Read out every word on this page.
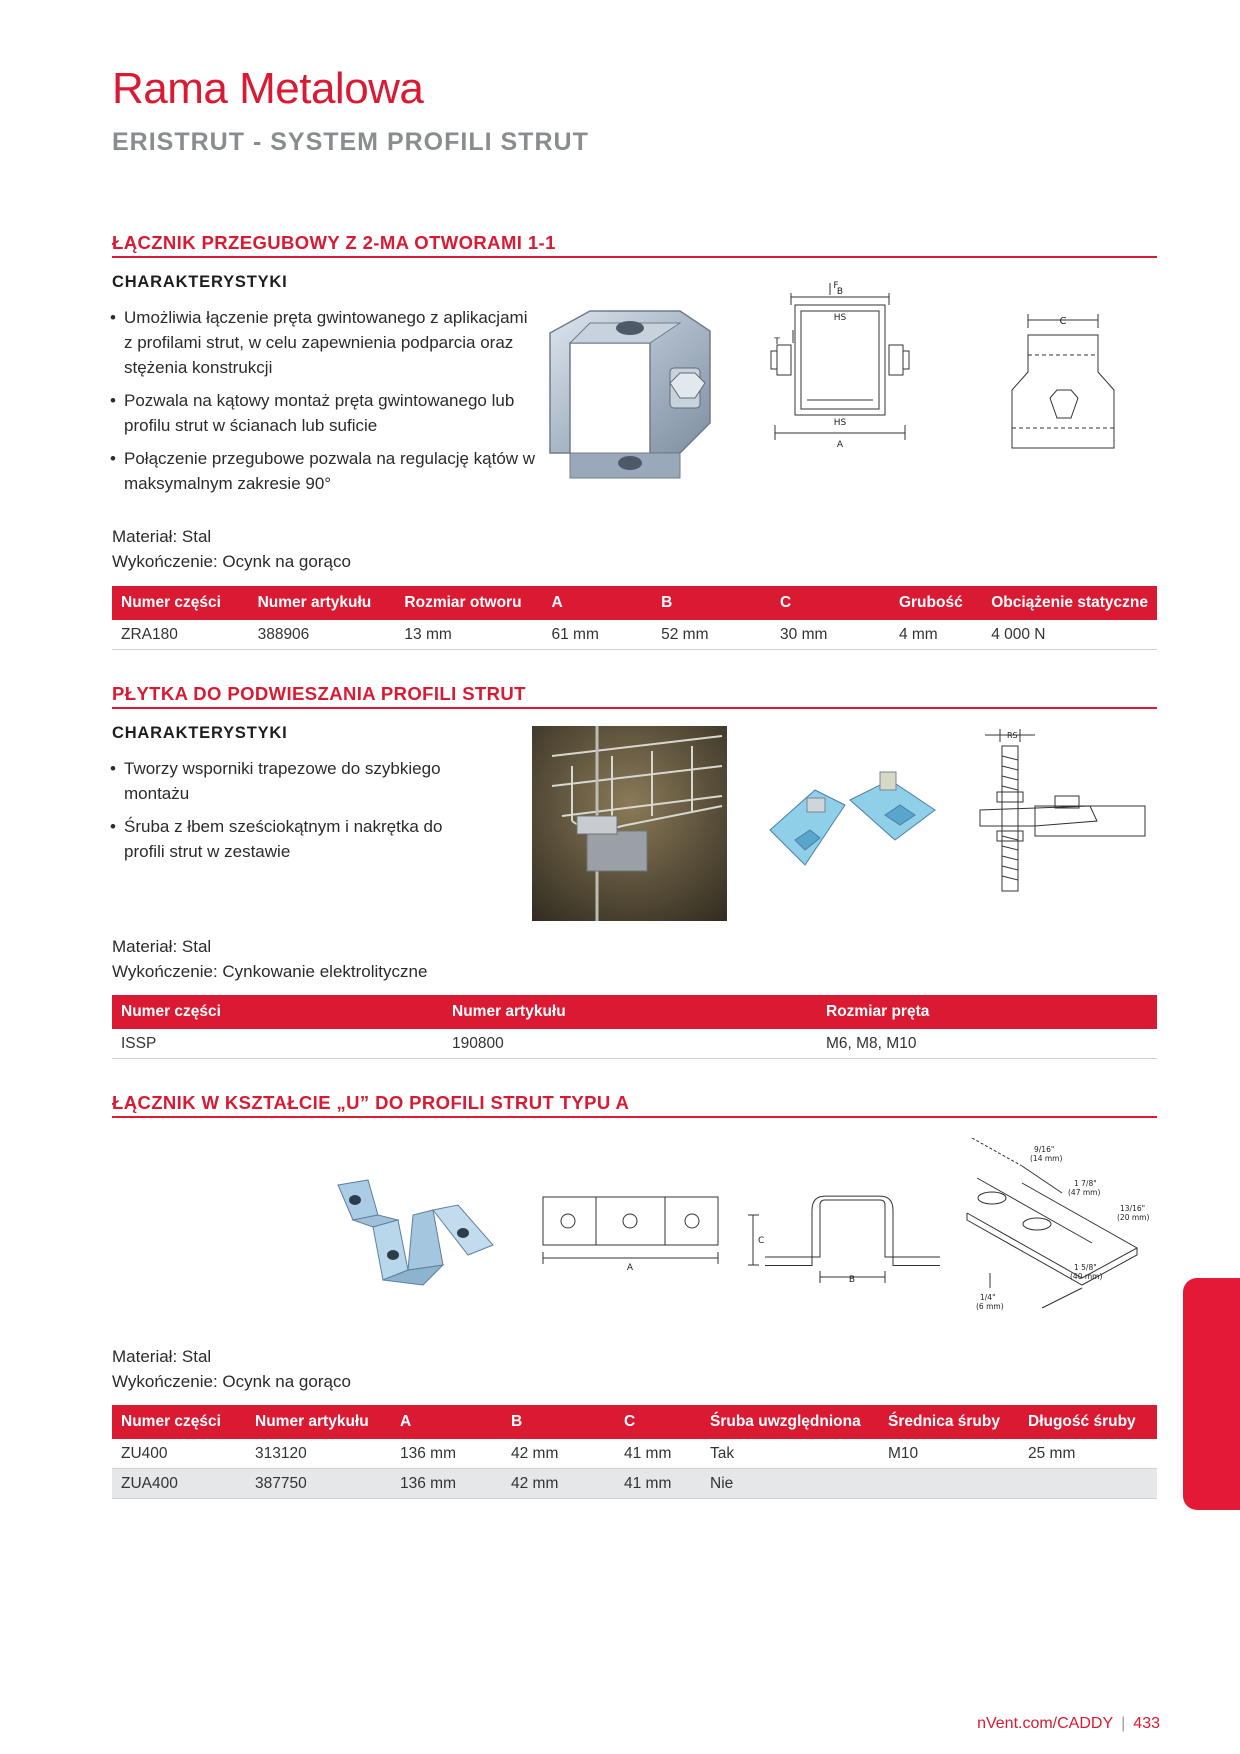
Rama Metalowa
ERISTRUT - SYSTEM PROFILI STRUT
ŁĄCZNIK PRZEGUBOWY Z 2-MA OTWORAMI 1-1
CHARAKTERYSTYKI
• Umożliwia łączenie pręta gwintowanego z aplikacjami z profilami strut, w celu zapewnienia podparcia oraz stężenia konstrukcji
• Pozwala na kątowy montaż pręta gwintowanego lub profilu strut w ścianach lub suficie
• Połączenie przegubowe pozwala na regulację kątów w maksymalnym zakresie 90°
F
B
HS
T
HS
A
C
Materiał: Stal
Wykończenie: Ocynk na gorąco
Numer części	Numer artykułu	Rozmiar otworu	A	B	C	Grubość	Obciążenie statyczne
ZRA180	388906	13 mm	61 mm	52 mm	30 mm	4 mm	4 000 N
PŁYTKA DO PODWIESZANIA PROFILI STRUT
CHARAKTERYSTYKI
• Tworzy wsporniki trapezowe do szybkiego montażu
• Śruba z łbem sześciokątnym i nakrętka do profili strut w zestawie
RS
Materiał: Stal
Wykończenie: Cynkowanie elektrolityczne
Numer części	Numer artykułu	Rozmiar pręta
ISSP	190800	M6, M8, M10
ŁĄCZNIK W KSZTAŁCIE „U” DO PROFILI STRUT TYPU A
A
C
B
9/16"
(14 mm)
1 7/8"
(47 mm)
13/16"
(20 mm)
1 5/8"
(40 mm)
1/4"
(6 mm)
Materiał: Stal
Wykończenie: Ocynk na gorąco
Numer części	Numer artykułu	A	B	C	Śruba uwzględniona	Średnica śruby	Długość śruby
ZU400	313120	136 mm	42 mm	41 mm	Tak	M10	25 mm
ZUA400	387750	136 mm	42 mm	41 mm	Nie		
nVent.com/CADDY | 433
